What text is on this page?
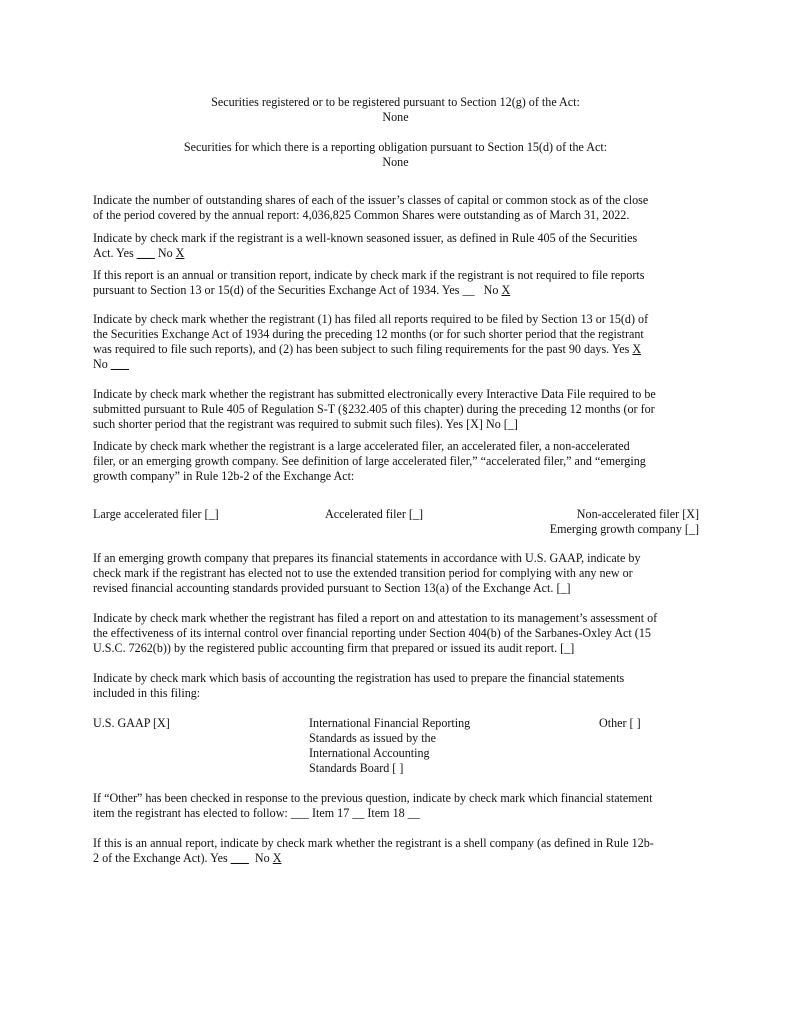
Securities registered or to be registered pursuant to Section 12(g) of the Act:
None
Securities for which there is a reporting obligation pursuant to Section 15(d) of the Act:
None
Indicate the number of outstanding shares of each of the issuer’s classes of capital or common stock as of the close
of the period covered by the annual report: 4,036,825 Common Shares were outstanding as of March 31, 2022.
Indicate by check mark if the registrant is a well-known seasoned issuer, as defined in Rule 405 of the Securities
Act. Yes ___ No X
If this report is an annual or transition report, indicate by check mark if the registrant is not required to file reports
pursuant to Section 13 or 15(d) of the Securities Exchange Act of 1934. Yes __ No X
Indicate by check mark whether the registrant (1) has filed all reports required to be filed by Section 13 or 15(d) of
the Securities Exchange Act of 1934 during the preceding 12 months (or for such shorter period that the registrant
was required to file such reports), and (2) has been subject to such filing requirements for the past 90 days. Yes X
No ___
Indicate by check mark whether the registrant has submitted electronically every Interactive Data File required to be
submitted pursuant to Rule 405 of Regulation S-T (§232.405 of this chapter) during the preceding 12 months (or for
such shorter period that the registrant was required to submit such files). Yes [X] No [_]
Indicate by check mark whether the registrant is a large accelerated filer, an accelerated filer, a non-accelerated
filer, or an emerging growth company. See definition of large accelerated filer,” “accelerated filer,” and “emerging
growth company” in Rule 12b-2 of the Exchange Act:
Large accelerated filer [_]	Accelerated filer [_]	Non-accelerated filer [X]
Emerging growth company [_]
If an emerging growth company that prepares its financial statements in accordance with U.S. GAAP, indicate by
check mark if the registrant has elected not to use the extended transition period for complying with any new or
revised financial accounting standards provided pursuant to Section 13(a) of the Exchange Act. [_]
Indicate by check mark whether the registrant has filed a report on and attestation to its management’s assessment of
the effectiveness of its internal control over financial reporting under Section 404(b) of the Sarbanes-Oxley Act (15
U.S.C. 7262(b)) by the registered public accounting firm that prepared or issued its audit report. [_]
Indicate by check mark which basis of accounting the registration has used to prepare the financial statements
included in this filing:
U.S. GAAP [X]	International Financial Reporting
Standards as issued by the
International Accounting
Standards Board [ ]
Other [ ]
If “Other” has been checked in response to the previous question, indicate by check mark which financial statement
item the registrant has elected to follow: ___ Item 17 __ Item 18 __
If this is an annual report, indicate by check mark whether the registrant is a shell company (as defined in Rule 12b-
2 of the Exchange Act). Yes ___ No X
